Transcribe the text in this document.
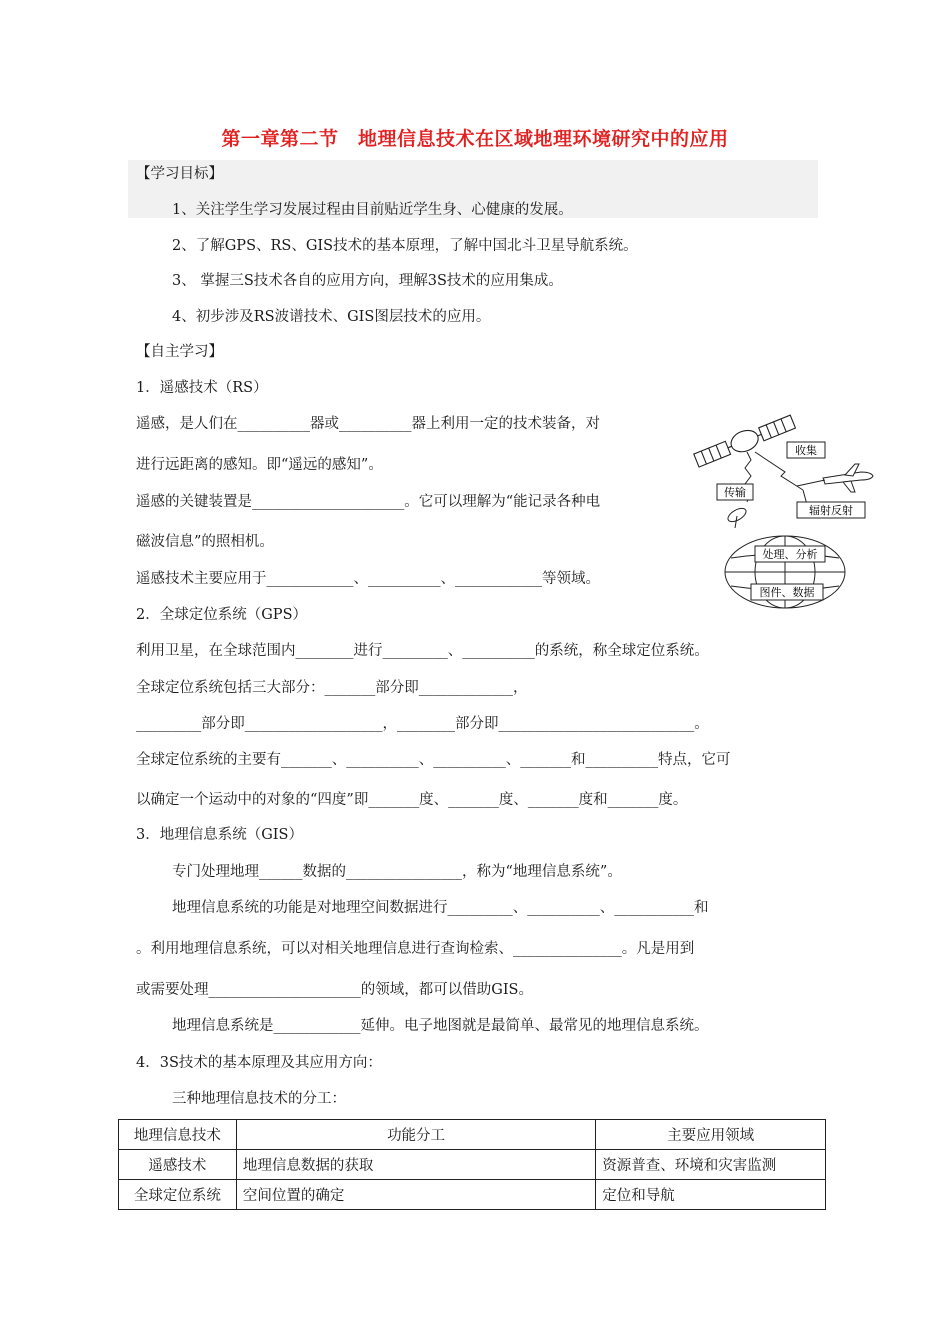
第一章第二节　地理信息技术在区域地理环境研究中的应用
【学习目标】
1、关注学生学习发展过程由目前贴近学生身、心健康的发展。
2、了解GPS、RS、GIS技术的基本原理，了解中国北斗卫星导航系统。
3、 掌握三S技术各自的应用方向，理解3S技术的应用集成。
4、初步涉及RS波谱技术、GIS图层技术的应用。
【自主学习】
1．遥感技术（RS）
遥感，是人们在__________器或__________器上利用一定的技术装备，对
进行远距离的感知。即“遥远的感知”。
遥感的关键装置是_____________________。它可以理解为“能记录各种电
磁波信息”的照相机。
遥感技术主要应用于____________、__________、____________等领域。
2．全球定位系统（GPS）
利用卫星，在全球范围内________进行_________、__________的系统，称全球定位系统。
全球定位系统包括三大部分：_______部分即_____________，
_________部分即___________________，________部分即___________________________。
全球定位系统的主要有_______、__________、__________、_______和__________特点，它可
以确定一个运动中的对象的“四度”即_______度、_______度、_______度和_______度。
3．地理信息系统（GIS）
专门处理地理______数据的________________，称为“地理信息系统”。
地理信息系统的功能是对地理空间数据进行_________、__________、___________和
。利用地理信息系统，可以对相关地理信息进行查询检索、_______________。凡是用到
或需要处理_____________________的领域，都可以借助GIS。
地理信息系统是____________延伸。电子地图就是最简单、最常见的地理信息系统。
4．3S技术的基本原理及其应用方向：
三种地理信息技术的分工：
收集
传输
辐射反射
处理、分析
图件、数据
地理信息技术	功能分工	主要应用领域
遥感技术	地理信息数据的获取	资源普查、环境和灾害监测
全球定位系统	空间位置的确定	定位和导航
